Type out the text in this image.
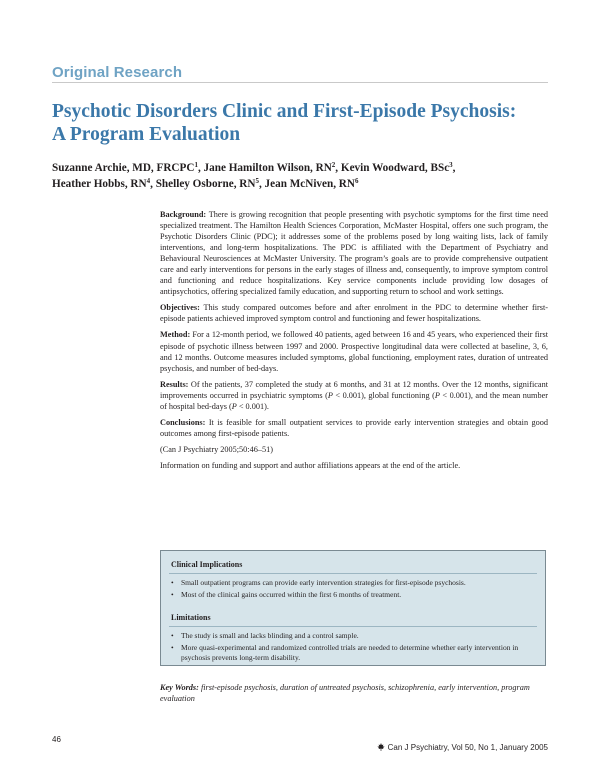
Original Research
Psychotic Disorders Clinic and First-Episode Psychosis:
A Program Evaluation
Suzanne Archie, MD, FRCPC$^1$, Jane Hamilton Wilson, $RN^2$, Kevin Woodward, BSc$^3$,
Heather Hobbs, $RN^4$, Shelley Osborne, $RN^5$, Jean McNiven, $RN^6$

Background: There is growing recognition that people presenting with psychotic symptoms for the first time need specialized treatment. The Hamilton Health Sciences Corporation, McMaster Hospital, offers one such program, the Psychotic Disorders Clinic (PDC); it addresses some of the problems posed by long waiting lists, lack of family interventions, and long-term hospitalizations. The PDC is affiliated with the Department of Psychiatry and Behavioural Neurosciences at McMaster University. The program’s goals are to provide comprehensive outpatient care and early interventions for persons in the early stages of illness and, consequently, to improve symptom control and functioning and reduce hospitalizations. Key service components include providing low dosages of antipsychotics, offering specialized family education, and supporting return to school and work settings.

Objectives: This study compared outcomes before and after enrolment in the PDC to determine whether first-episode patients achieved improved symptom control and functioning and fewer hospitalizations.

Method: For a 12-month period, we followed 40 patients, aged between 16 and 45 years, who experienced their first episode of psychotic illness between 1997 and 2000. Prospective longitudinal data were collected at baseline, 3, 6, and 12 months. Outcome measures included symptoms, global functioning, employment rates, duration of untreated psychosis, and number of bed-days.

Results: Of the patients, 37 completed the study at 6 months, and 31 at 12 months. Over the 12 months, significant improvements occurred in psychiatric symptoms (P < 0.001), global functioning (P < 0.001), and the mean number of hospital bed-days (P < 0.001).

Conclusions: It is feasible for small outpatient services to provide early intervention strategies and obtain good outcomes among first-episode patients.

(Can J Psychiatry 2005;50:46–51)

Information on funding and support and author affiliations appears at the end of the article.

Clinical Implications
• Small outpatient programs can provide early intervention strategies for first-episode psychosis.
• Most of the clinical gains occurred within the first 6 months of treatment.
Limitations
• The study is small and lacks blinding and a control sample.
• More quasi-experimental and randomized controlled trials are needed to determine whether early intervention in psychosis prevents long-term disability.
Key Words: first-episode psychosis, duration of untreated psychosis, schizophrenia, early intervention, program evaluation
46
Can J Psychiatry, Vol 50, No 1, January 2005
